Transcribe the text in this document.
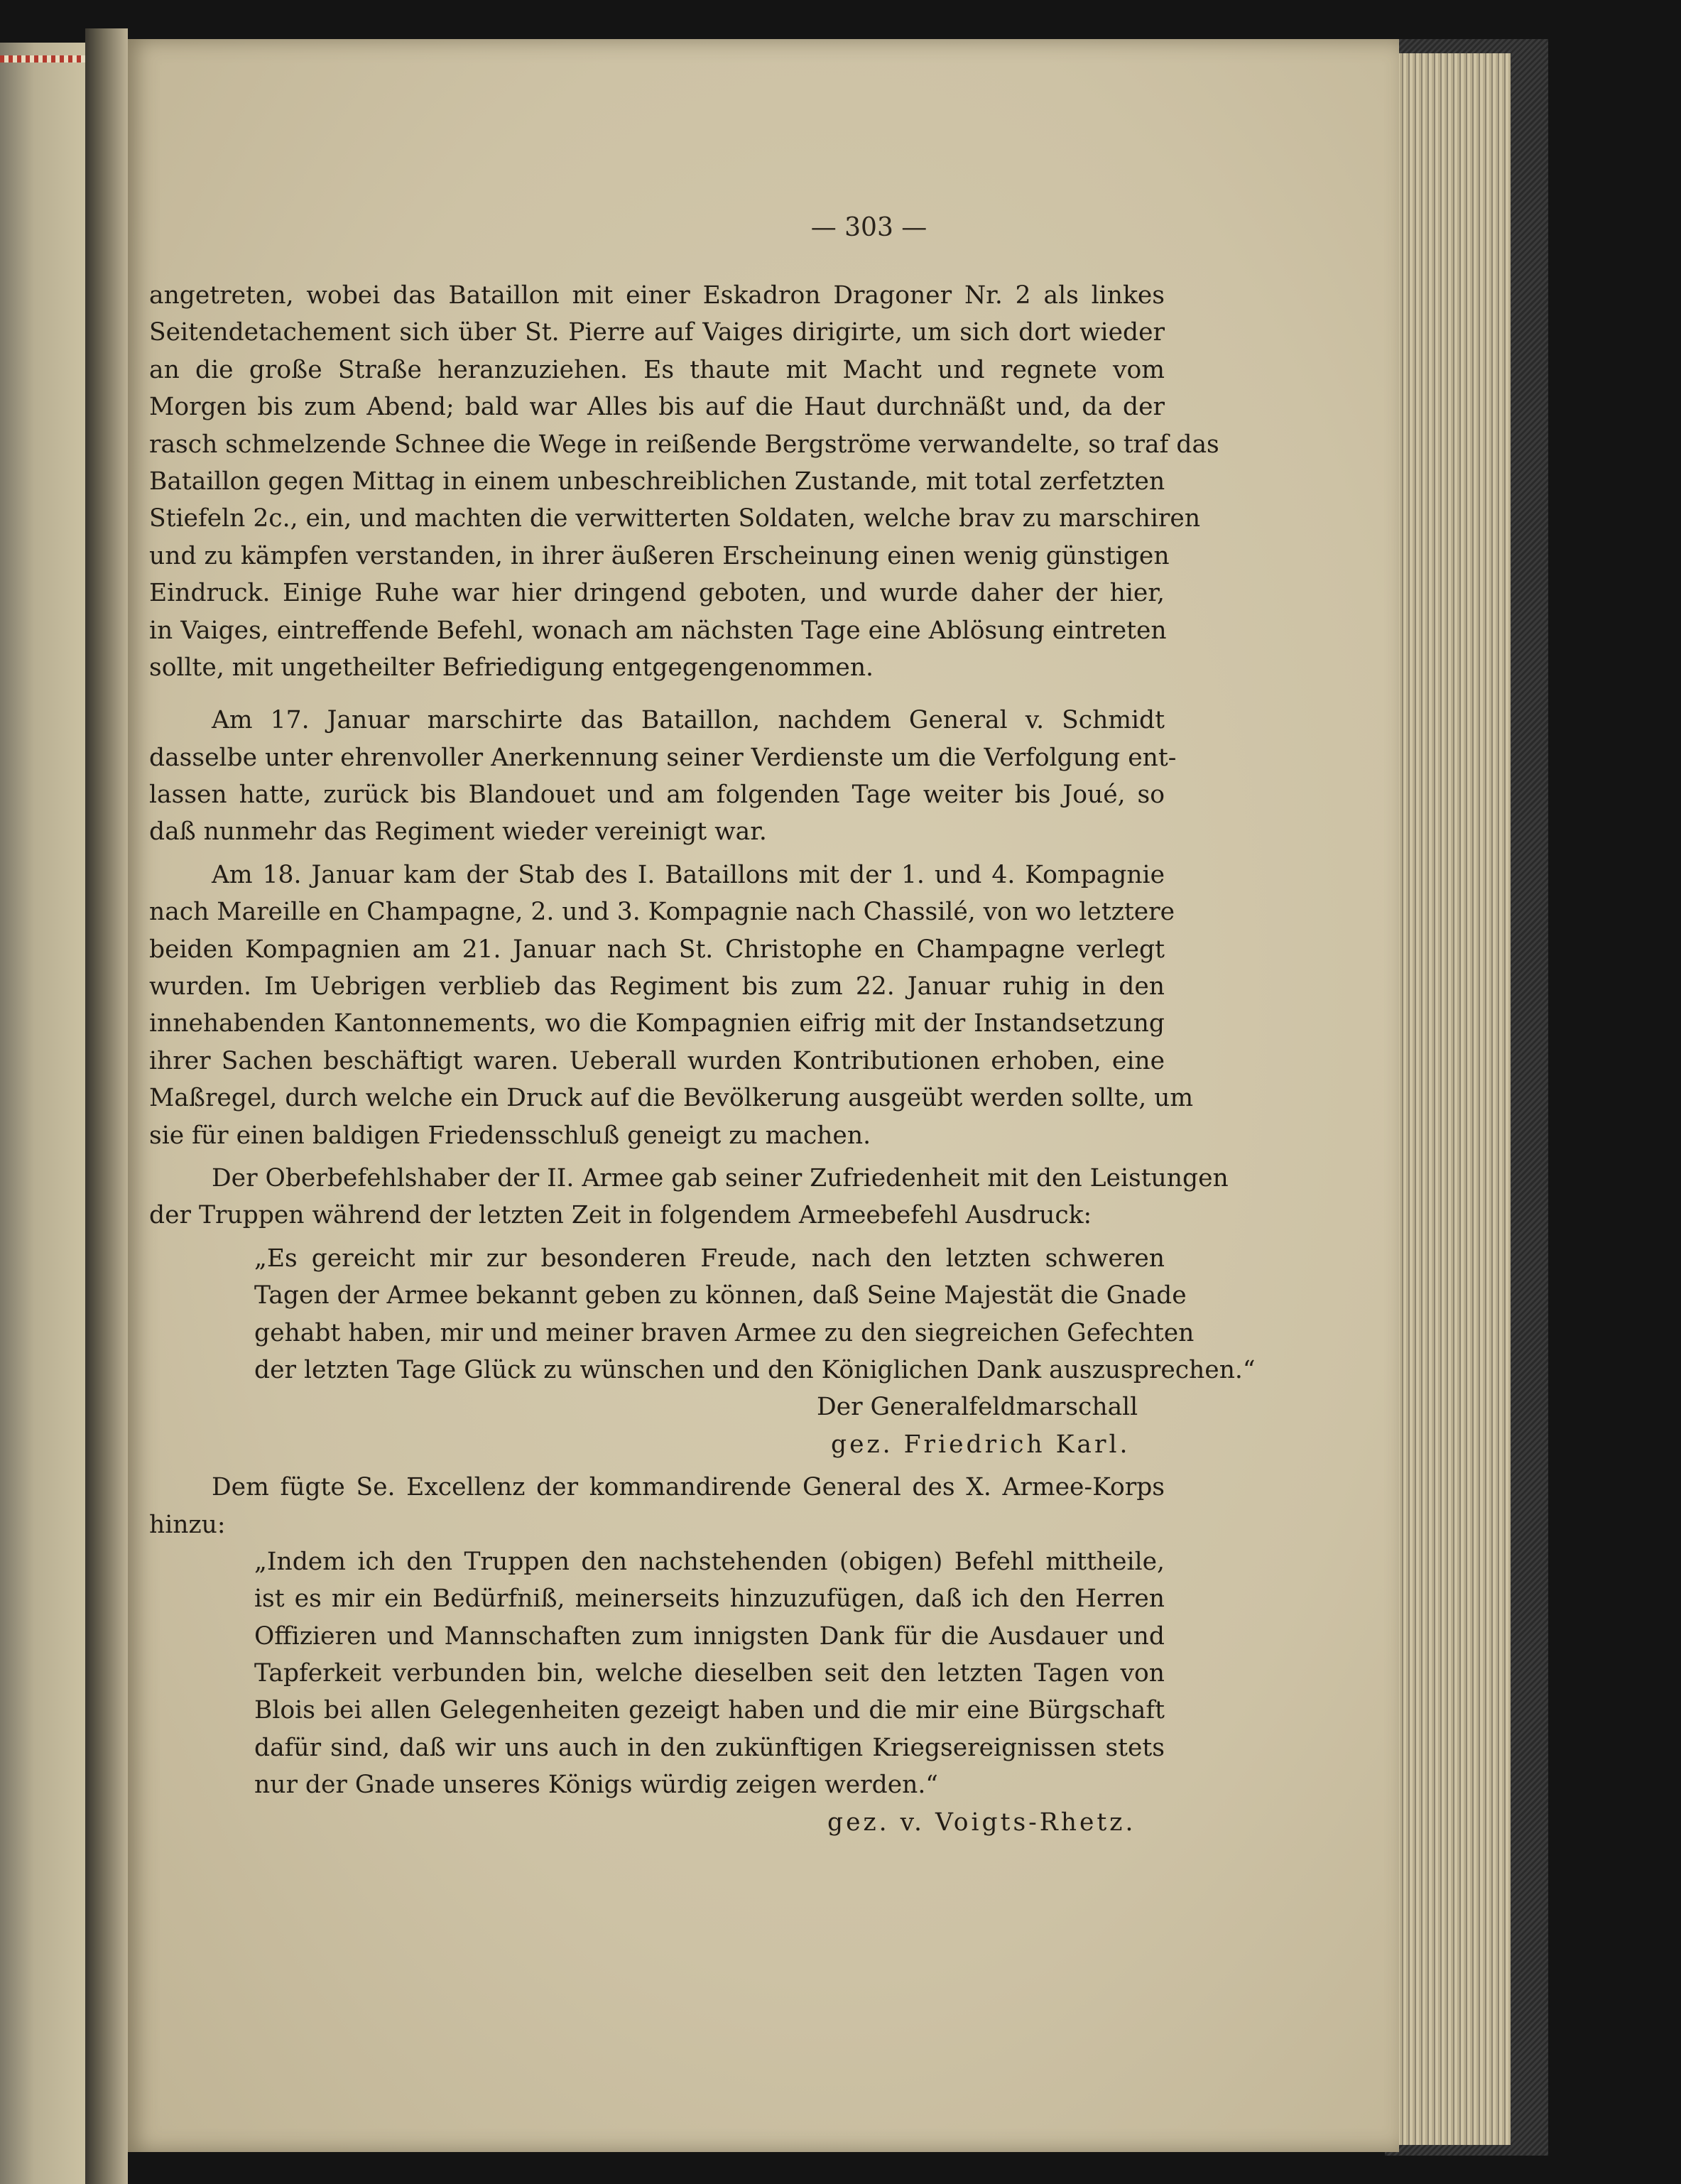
— 303 —
angetreten, wobei das Bataillon mit einer Eskadron Dragoner Nr. 2 als linkes
Seitendetachement sich über St. Pierre auf Vaiges dirigirte, um sich dort wieder
an die große Straße heranzuziehen. Es thaute mit Macht und regnete vom
Morgen bis zum Abend; bald war Alles bis auf die Haut durchnäßt und, da der
rasch schmelzende Schnee die Wege in reißende Bergströme verwandelte, so traf das
Bataillon gegen Mittag in einem unbeschreiblichen Zustande, mit total zerfetzten
Stiefeln 2c., ein, und machten die verwitterten Soldaten, welche brav zu marschiren
und zu kämpfen verstanden, in ihrer äußeren Erscheinung einen wenig günstigen
Eindruck. Einige Ruhe war hier dringend geboten, und wurde daher der hier,
in Vaiges, eintreffende Befehl, wonach am nächsten Tage eine Ablösung eintreten
sollte, mit ungetheilter Befriedigung entgegengenommen.
Am 17. Januar marschirte das Bataillon, nachdem General v. Schmidt
dasselbe unter ehrenvoller Anerkennung seiner Verdienste um die Verfolgung ent-
lassen hatte, zurück bis Blandouet und am folgenden Tage weiter bis Joué, so
daß nunmehr das Regiment wieder vereinigt war.
Am 18. Januar kam der Stab des I. Bataillons mit der 1. und 4. Kompagnie
nach Mareille en Champagne, 2. und 3. Kompagnie nach Chassilé, von wo letztere
beiden Kompagnien am 21. Januar nach St. Christophe en Champagne verlegt
wurden. Im Uebrigen verblieb das Regiment bis zum 22. Januar ruhig in den
innehabenden Kantonnements, wo die Kompagnien eifrig mit der Instandsetzung
ihrer Sachen beschäftigt waren. Ueberall wurden Kontributionen erhoben, eine
Maßregel, durch welche ein Druck auf die Bevölkerung ausgeübt werden sollte, um
sie für einen baldigen Friedensschluß geneigt zu machen.
Der Oberbefehlshaber der II. Armee gab seiner Zufriedenheit mit den Leistungen
der Truppen während der letzten Zeit in folgendem Armeebefehl Ausdruck:
„Es gereicht mir zur besonderen Freude, nach den letzten schweren
Tagen der Armee bekannt geben zu können, daß Seine Majestät die Gnade
gehabt haben, mir und meiner braven Armee zu den siegreichen Gefechten
der letzten Tage Glück zu wünschen und den Königlichen Dank auszusprechen.“
Der Generalfeldmarschall
gez. Friedrich Karl.
Dem fügte Se. Excellenz der kommandirende General des X. Armee-Korps
hinzu:
„Indem ich den Truppen den nachstehenden (obigen) Befehl mittheile,
ist es mir ein Bedürfniß, meinerseits hinzuzufügen, daß ich den Herren
Offizieren und Mannschaften zum innigsten Dank für die Ausdauer und
Tapferkeit verbunden bin, welche dieselben seit den letzten Tagen von
Blois bei allen Gelegenheiten gezeigt haben und die mir eine Bürgschaft
dafür sind, daß wir uns auch in den zukünftigen Kriegsereignissen stets
nur der Gnade unseres Königs würdig zeigen werden.“
gez. v. Voigts-Rhetz.
